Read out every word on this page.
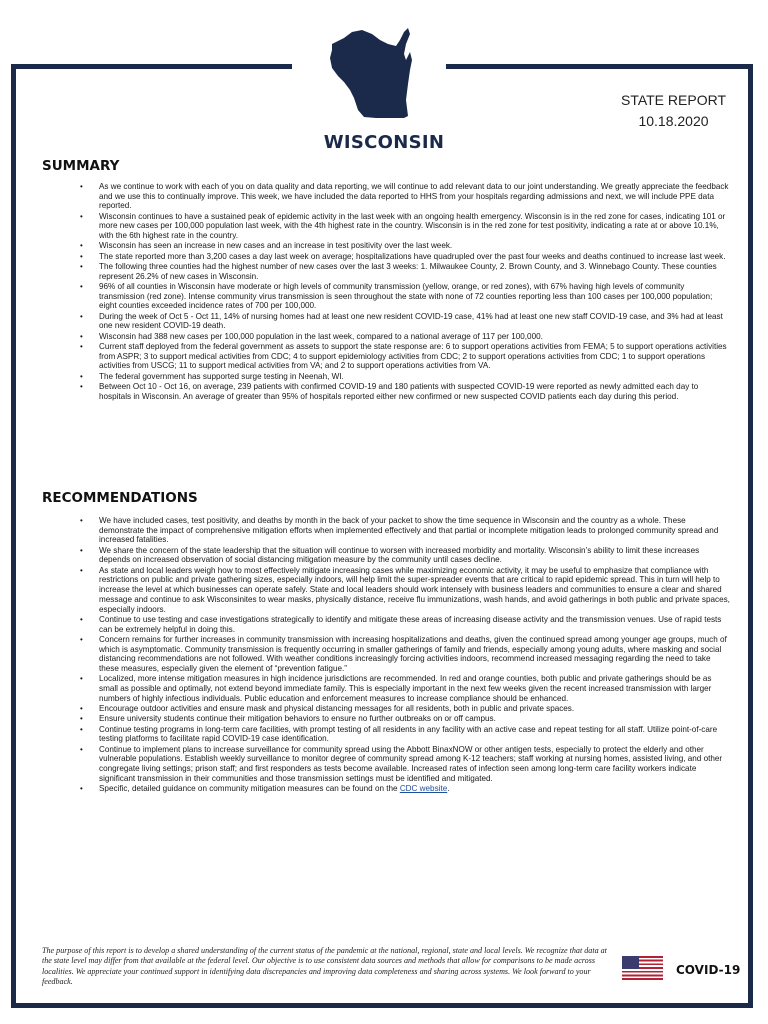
STATE REPORT
10.18.2020
WISCONSIN
SUMMARY
• As we continue to work with each of you on data quality and data reporting, we will continue to add relevant data to our joint understanding. We greatly appreciate the feedback and we use this to continually improve. This week, we have included the data reported to HHS from your hospitals regarding admissions and next, we will include PPE data reported.
• Wisconsin continues to have a sustained peak of epidemic activity in the last week with an ongoing health emergency. Wisconsin is in the red zone for cases, indicating 101 or more new cases per 100,000 population last week, with the 4th highest rate in the country. Wisconsin is in the red zone for test positivity, indicating a rate at or above 10.1%, with the 6th highest rate in the country.
• Wisconsin has seen an increase in new cases and an increase in test positivity over the last week.
• The state reported more than 3,200 cases a day last week on average; hospitalizations have quadrupled over the past four weeks and deaths continued to increase last week.
• The following three counties had the highest number of new cases over the last 3 weeks: 1. Milwaukee County, 2. Brown County, and 3. Winnebago County. These counties represent 26.2% of new cases in Wisconsin.
• 96% of all counties in Wisconsin have moderate or high levels of community transmission (yellow, orange, or red zones), with 67% having high levels of community transmission (red zone). Intense community virus transmission is seen throughout the state with none of 72 counties reporting less than 100 cases per 100,000 population; eight counties exceeded incidence rates of 700 per 100,000.
• During the week of Oct 5 - Oct 11, 14% of nursing homes had at least one new resident COVID-19 case, 41% had at least one new staff COVID-19 case, and 3% had at least one new resident COVID-19 death.
• Wisconsin had 388 new cases per 100,000 population in the last week, compared to a national average of 117 per 100,000.
• Current staff deployed from the federal government as assets to support the state response are: 6 to support operations activities from FEMA; 5 to support operations activities from ASPR; 3 to support medical activities from CDC; 4 to support epidemiology activities from CDC; 2 to support operations activities from CDC; 1 to support operations activities from USCG; 11 to support medical activities from VA; and 2 to support operations activities from VA.
• The federal government has supported surge testing in Neenah, WI.
• Between Oct 10 - Oct 16, on average, 239 patients with confirmed COVID-19 and 180 patients with suspected COVID-19 were reported as newly admitted each day to hospitals in Wisconsin. An average of greater than 95% of hospitals reported either new confirmed or new suspected COVID patients each day during this period.
RECOMMENDATIONS
• We have included cases, test positivity, and deaths by month in the back of your packet to show the time sequence in Wisconsin and the country as a whole. These demonstrate the impact of comprehensive mitigation efforts when implemented effectively and that partial or incomplete mitigation leads to prolonged community spread and increased fatalities.
• We share the concern of the state leadership that the situation will continue to worsen with increased morbidity and mortality. Wisconsin’s ability to limit these increases depends on increased observation of social distancing mitigation measure by the community until cases decline.
• As state and local leaders weigh how to most effectively mitigate increasing cases while maximizing economic activity, it may be useful to emphasize that compliance with restrictions on public and private gathering sizes, especially indoors, will help limit the super-spreader events that are critical to rapid epidemic spread. This in turn will help to increase the level at which businesses can operate safely. State and local leaders should work intensely with business leaders and communities to ensure a clear and shared message and continue to ask Wisconsinites to wear masks, physically distance, receive flu immunizations, wash hands, and avoid gatherings in both public and private spaces, especially indoors.
• Continue to use testing and case investigations strategically to identify and mitigate these areas of increasing disease activity and the transmission venues. Use of rapid tests can be extremely helpful in doing this.
• Concern remains for further increases in community transmission with increasing hospitalizations and deaths, given the continued spread among younger age groups, much of which is asymptomatic. Community transmission is frequently occurring in smaller gatherings of family and friends, especially among young adults, where masking and social distancing recommendations are not followed. With weather conditions increasingly forcing activities indoors, recommend increased messaging regarding the need to take these measures, especially given the element of “prevention fatigue.”
• Localized, more intense mitigation measures in high incidence jurisdictions are recommended. In red and orange counties, both public and private gatherings should be as small as possible and optimally, not extend beyond immediate family. This is especially important in the next few weeks given the recent increased transmission with larger numbers of highly infectious individuals. Public education and enforcement measures to increase compliance should be enhanced.
• Encourage outdoor activities and ensure mask and physical distancing messages for all residents, both in public and private spaces.
• Ensure university students continue their mitigation behaviors to ensure no further outbreaks on or off campus.
• Continue testing programs in long-term care facilities, with prompt testing of all residents in any facility with an active case and repeat testing for all staff. Utilize point-of-care testing platforms to facilitate rapid COVID-19 case identification.
• Continue to implement plans to increase surveillance for community spread using the Abbott BinaxNOW or other antigen tests, especially to protect the elderly and other vulnerable populations. Establish weekly surveillance to monitor degree of community spread among K-12 teachers; staff working at nursing homes, assisted living, and other congregate living settings; prison staff; and first responders as tests become available. Increased rates of infection seen among long-term care facility workers indicate significant transmission in their communities and those transmission settings must be identified and mitigated.
• Specific, detailed guidance on community mitigation measures can be found on the CDC website.
The purpose of this report is to develop a shared understanding of the current status of the pandemic at the national, regional, state and local levels. We recognize that data at the state level may differ from that available at the federal level. Our objective is to use consistent data sources and methods that allow for comparisons to be made across localities. We appreciate your continued support in identifying data discrepancies and improving data completeness and sharing across systems. We look forward to your feedback.
COVID-19
